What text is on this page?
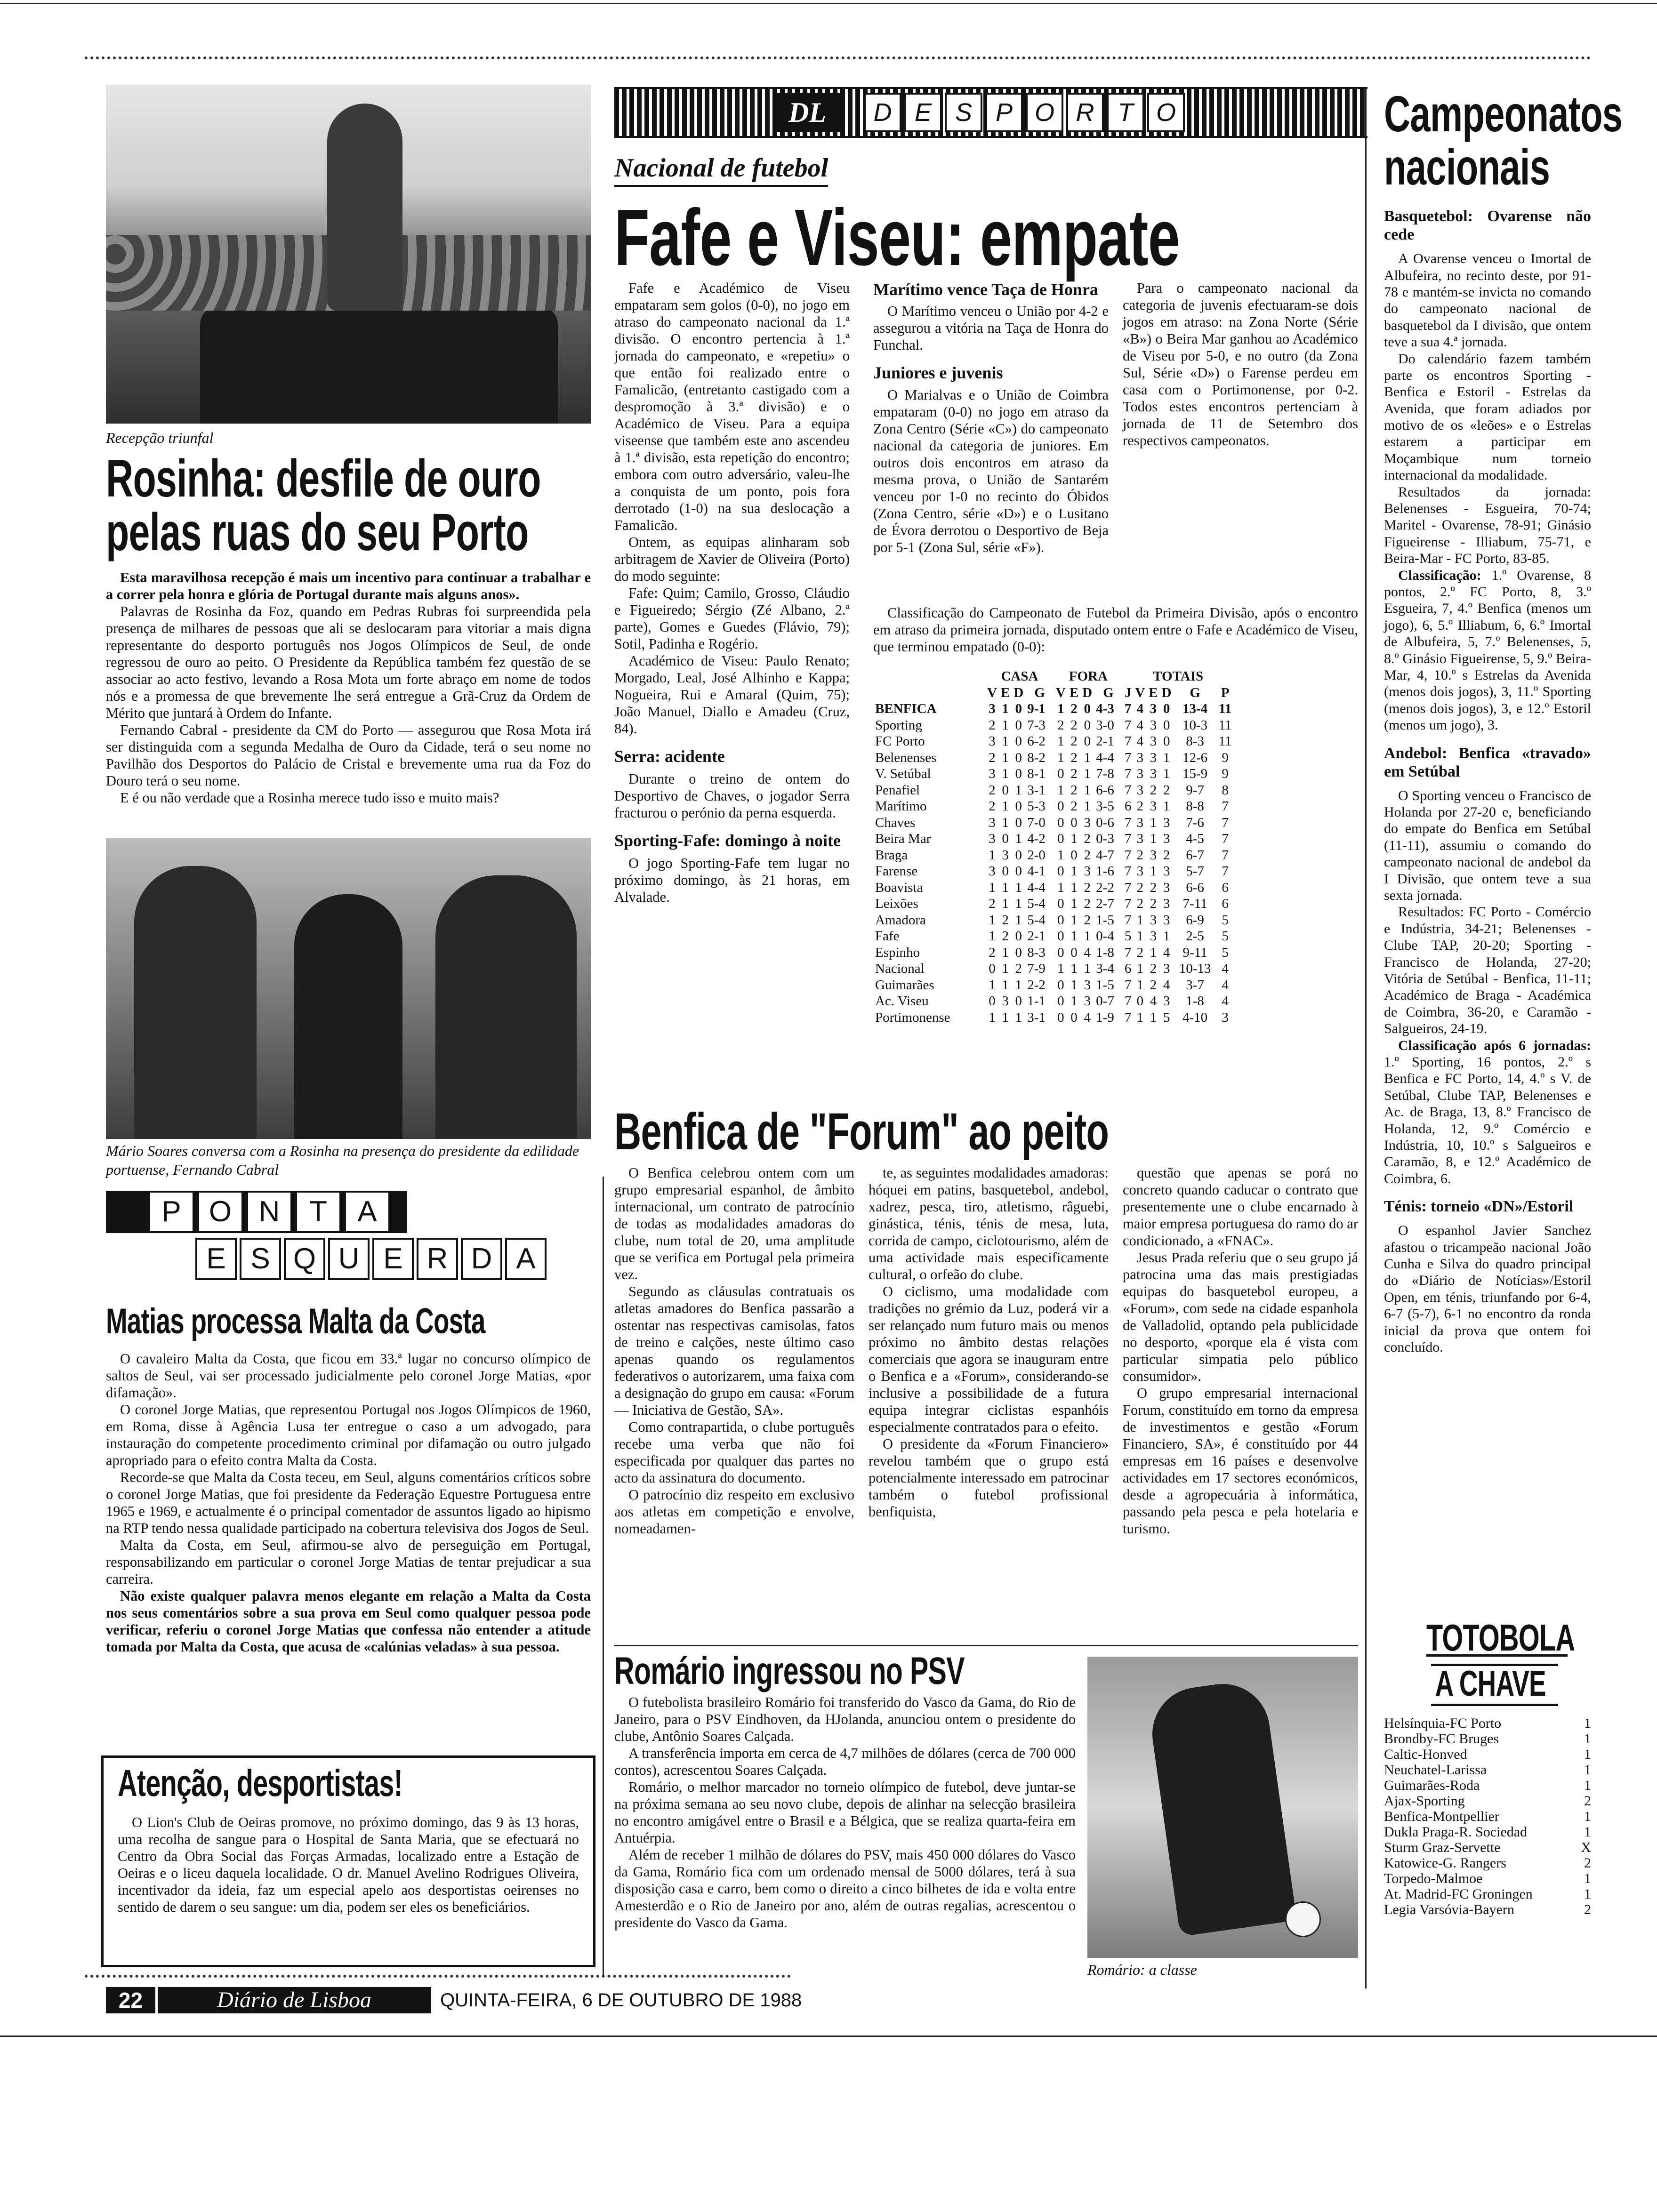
DL	D E S P O R T O
Recepção triunfal
Rosinha: desfile de ouro pelas ruas do seu Porto

Esta maravilhosa recepção é mais um incentivo para continuar a trabalhar e a correr pela honra e glória de Portugal durante mais alguns anos».

Palavras de Rosinha da Foz, quando em Pedras Rubras foi surpreendida pela presença de milhares de pessoas que ali se deslocaram para vitoriar a mais digna representante do desporto português nos Jogos Olímpicos de Seul, de onde regressou de ouro ao peito. O Presidente da República também fez questão de se associar ao acto festivo, levando a Rosa Mota um forte abraço em nome de todos nós e a promessa de que brevemente lhe será entregue a Grã-Cruz da Ordem de Mérito que juntará à Ordem do Infante.

Fernando Cabral - presidente da CM do Porto — assegurou que Rosa Mota irá ser distinguida com a segunda Medalha de Ouro da Cidade, terá o seu nome no Pavilhão dos Desportos do Palácio de Cristal e brevemente uma rua da Foz do Douro terá o seu nome.

E é ou não verdade que a Rosinha merece tudo isso e muito mais?

Mário Soares conversa com a Rosinha na presença do presidente da edilidade portuense, Fernando Cabral
P O N T A
E S Q U E R D A
Matias processa Malta da Costa

O cavaleiro Malta da Costa, que ficou em 33.ª lugar no concurso olímpico de saltos de Seul, vai ser processado judicialmente pelo coronel Jorge Matias, «por difamação».

O coronel Jorge Matias, que representou Portugal nos Jogos Olímpicos de 1960, em Roma, disse à Agência Lusa ter entregue o caso a um advogado, para instauração do competente procedimento criminal por difamação ou outro julgado apropriado para o efeito contra Malta da Costa.

Recorde-se que Malta da Costa teceu, em Seul, alguns comentários críticos sobre o coronel Jorge Matias, que foi presidente da Federação Equestre Portuguesa entre 1965 e 1969, e actualmente é o principal comentador de assuntos ligado ao hipismo na RTP tendo nessa qualidade participado na cobertura televisiva dos Jogos de Seul.

Malta da Costa, em Seul, afirmou-se alvo de perseguição em Portugal, responsabilizando em particular o coronel Jorge Matias de tentar prejudicar a sua carreira.

Não existe qualquer palavra menos elegante em relação a Malta da Costa nos seus comentários sobre a sua prova em Seul como qualquer pessoa pode verificar, referiu o coronel Jorge Matias que confessa não entender a atitude tomada por Malta da Costa, que acusa de «calúnias veladas» à sua pessoa.

Atenção, desportistas!

O Lion's Club de Oeiras promove, no próximo domingo, das 9 às 13 horas, uma recolha de sangue para o Hospital de Santa Maria, que se efectuará no Centro da Obra Social das Forças Armadas, localizado entre a Estação de Oeiras e o liceu daquela localidade. O dr. Manuel Avelino Rodrigues Oliveira, incentivador da ideia, faz um especial apelo aos desportistas oeirenses no sentido de darem o seu sangue: um dia, podem ser eles os beneficiários.

22	Diário de Lisboa	QUINTA-FEIRA, 6 DE OUTUBRO DE 1988
Nacional de futebol
Fafe e Viseu: empate

Fafe e Académico de Viseu empataram sem golos (0-0), no jogo em atraso do campeonato nacional da 1.ª divisão. O encontro pertencia à 1.ª jornada do campeonato, e «repetiu» o que então foi realizado entre o Famalicão, (entretanto castigado com a despromoção à 3.ª divisão) e o Académico de Viseu. Para a equipa viseense que também este ano ascendeu à 1.ª divisão, esta repetição do encontro; embora com outro adversário, valeu-lhe a conquista de um ponto, pois fora derrotado (1-0) na sua deslocação a Famalicão.

Ontem, as equipas alinharam sob arbitragem de Xavier de Oliveira (Porto) do modo seguinte:

Fafe: Quim; Camilo, Grosso, Cláudio e Figueiredo; Sérgio (Zé Albano, 2.ª parte), Gomes e Guedes (Flávio, 79); Sotil, Padinha e Rogério.

Académico de Viseu: Paulo Renato; Morgado, Leal, José Alhinho e Kappa; Nogueira, Rui e Amaral (Quim, 75); João Manuel, Diallo e Amadeu (Cruz, 84).

Serra: acidente

Durante o treino de ontem do Desportivo de Chaves, o jogador Serra fracturou o perónio da perna esquerda.

Sporting-Fafe: domingo à noite

O jogo Sporting-Fafe tem lugar no próximo domingo, às 21 horas, em Alvalade.

Marítimo vence Taça de Honra

O Marítimo venceu o União por 4-2 e assegurou a vitória na Taça de Honra do Funchal.

Juniores e juvenis

O Marialvas e o União de Coimbra empataram (0-0) no jogo em atraso da Zona Centro (Série «C») do campeonato nacional da categoria de juniores. Em outros dois encontros em atraso da mesma prova, o União de Santarém venceu por 1-0 no recinto do Óbidos (Zona Centro, série «D») e o Lusitano de Évora derrotou o Desportivo de Beja por 5-1 (Zona Sul, série «F»).

Para o campeonato nacional da categoria de juvenis efectuaram-se dois jogos em atraso: na Zona Norte (Série «B») o Beira Mar ganhou ao Académico de Viseu por 5-0, e no outro (da Zona Sul, Série «D») o Farense perdeu em casa com o Portimonense, por 0-2. Todos estes encontros pertenciam à jornada de 11 de Setembro dos respectivos campeonatos.

Classificação do Campeonato de Futebol da Primeira Divisão, após o encontro em atraso da primeira jornada, disputado ontem entre o Fafe e Académico de Viseu, que terminou empatado (0-0):

	CASA				FORA				TOTAIS					
	V	E	D	G	V	E	D	G	J	V	E	D	G	P
BENFICA	3	1	0	9-1	1	2	0	4-3	7	4	3	0	13-4	11
Sporting	2	1	0	7-3	2	2	0	3-0	7	4	3	0	10-3	11
FC Porto	3	1	0	6-2	1	2	0	2-1	7	4	3	0	8-3	11
Belenenses	2	1	0	8-2	1	2	1	4-4	7	3	3	1	12-6	9
V. Setúbal	3	1	0	8-1	0	2	1	7-8	7	3	3	1	15-9	9
Penafiel	2	0	1	3-1	1	2	1	6-6	7	3	2	2	9-7	8
Marítimo	2	1	0	5-3	0	2	1	3-5	6	2	3	1	8-8	7
Chaves	3	1	0	7-0	0	0	3	0-6	7	3	1	3	7-6	7
Beira Mar	3	0	1	4-2	0	1	2	0-3	7	3	1	3	4-5	7
Braga	1	3	0	2-0	1	0	2	4-7	7	2	3	2	6-7	7
Farense	3	0	0	4-1	0	1	3	1-6	7	3	1	3	5-7	7
Boavista	1	1	1	4-4	1	1	2	2-2	7	2	2	3	6-6	6
Leixões	2	1	1	5-4	0	1	2	2-7	7	2	2	3	7-11	6
Amadora	1	2	1	5-4	0	1	2	1-5	7	1	3	3	6-9	5
Fafe	1	2	0	2-1	0	1	1	0-4	5	1	3	1	2-5	5
Espinho	2	1	0	8-3	0	0	4	1-8	7	2	1	4	9-11	5
Nacional	0	1	2	7-9	1	1	1	3-4	6	1	2	3	10-13	4
Guimarães	1	1	1	2-2	0	1	3	1-5	7	1	2	4	3-7	4
Ac. Viseu	0	3	0	1-1	0	1	3	0-7	7	0	4	3	1-8	4
Portimonense	1	1	1	3-1	0	0	4	1-9	7	1	1	5	4-10	3
Benfica de "Forum" ao peito

O Benfica celebrou ontem com um grupo empresarial espanhol, de âmbito internacional, um contrato de patrocínio de todas as modalidades amadoras do clube, num total de 20, uma amplitude que se verifica em Portugal pela primeira vez.

Segundo as cláusulas contratuais os atletas amadores do Benfica passarão a ostentar nas respectivas camisolas, fatos de treino e calções, neste último caso apenas quando os regulamentos federativos o autorizarem, uma faixa com a designação do grupo em causa: «Forum — Iniciativa de Gestão, SA».

Como contrapartida, o clube português recebe uma verba que não foi especificada por qualquer das partes no acto da assinatura do documento.

O patrocínio diz respeito em exclusivo aos atletas em competição e envolve, nomeadamen-

te, as seguintes modalidades amadoras: hóquei em patins, basquetebol, andebol, xadrez, pesca, tiro, atletismo, râguebi, ginástica, ténis, ténis de mesa, luta, corrida de campo, ciclotourismo, além de uma actividade mais especificamente cultural, o orfeão do clube.

O ciclismo, uma modalidade com tradições no grémio da Luz, poderá vir a ser relançado num futuro mais ou menos próximo no âmbito destas relações comerciais que agora se inauguram entre o Benfica e a «Forum», considerando-se inclusive a possibilidade de a futura equipa integrar ciclistas espanhóis especialmente contratados para o efeito.

O presidente da «Forum Financiero» revelou também que o grupo está potencialmente interessado em patrocinar também o futebol profissional benfiquista,

questão que apenas se porá no concreto quando caducar o contrato que presentemente une o clube encarnado à maior empresa portuguesa do ramo do ar condicionado, a «FNAC».

Jesus Prada referiu que o seu grupo já patrocina uma das mais prestigiadas equipas do basquetebol europeu, a «Forum», com sede na cidade espanhola de Valladolid, optando pela publicidade no desporto, «porque ela é vista com particular simpatia pelo público consumidor».

O grupo empresarial internacional Forum, constituído em torno da empresa de investimentos e gestão «Forum Financiero, SA», é constituído por 44 empresas em 16 países e desenvolve actividades em 17 sectores económicos, desde a agropecuária à informática, passando pela pesca e pela hotelaria e turismo.

Romário ingressou no PSV

O futebolista brasileiro Romário foi transferido do Vasco da Gama, do Rio de Janeiro, para o PSV Eindhoven, da HJolanda, anunciou ontem o presidente do clube, Antônio Soares Calçada.

A transferência importa em cerca de 4,7 milhões de dólares (cerca de 700 000 contos), acrescentou Soares Calçada.

Romário, o melhor marcador no torneio olímpico de futebol, deve juntar-se na próxima semana ao seu novo clube, depois de alinhar na selecção brasileira no encontro amigável entre o Brasil e a Bélgica, que se realiza quarta-feira em Antuérpia.

Além de receber 1 milhão de dólares do PSV, mais 450 000 dólares do Vasco da Gama, Romário fica com um ordenado mensal de 5000 dólares, terá à sua disposição casa e carro, bem como o direito a cinco bilhetes de ida e volta entre Amesterdão e o Rio de Janeiro por ano, além de outras regalias, acrescentou o presidente do Vasco da Gama.

Romário: a classe
Campeonatos nacionais
Basquetebol: Ovarense não cede

A Ovarense venceu o Imortal de Albufeira, no recinto deste, por 91-78 e mantém-se invicta no comando do campeonato nacional de basquetebol da I divisão, que ontem teve a sua 4.ª jornada.

Do calendário fazem também parte os encontros Sporting - Benfica e Estoril - Estrelas da Avenida, que foram adiados por motivo de os «leões» e o Estrelas estarem a participar em Moçambique num torneio internacional da modalidade.

Resultados da jornada: Belenenses - Esgueira, 70-74; Maritel - Ovarense, 78-91; Ginásio Figueirense - Illiabum, 75-71, e Beira-Mar - FC Porto, 83-85.

Classificação: 1.º Ovarense, 8 pontos, 2.º FC Porto, 8, 3.º Esgueira, 7, 4.º Benfica (menos um jogo), 6, 5.º Illiabum, 6, 6.º Imortal de Albufeira, 5, 7.º Belenenses, 5, 8.º Ginásio Figueirense, 5, 9.º Beira-Mar, 4, 10.º s Estrelas da Avenida (menos dois jogos), 3, 11.º Sporting (menos dois jogos), 3, e 12.º Estoril (menos um jogo), 3.

Andebol: Benfica «travado» em Setúbal

O Sporting venceu o Francisco de Holanda por 27-20 e, beneficiando do empate do Benfica em Setúbal (11-11), assumiu o comando do campeonato nacional de andebol da I Divisão, que ontem teve a sua sexta jornada.

Resultados: FC Porto - Comércio e Indústria, 34-21; Belenenses - Clube TAP, 20-20; Sporting - Francisco de Holanda, 27-20; Vitória de Setúbal - Benfica, 11-11; Académico de Braga - Académica de Coimbra, 36-20, e Caramão - Salgueiros, 24-19.

Classificação após 6 jornadas: 1.º Sporting, 16 pontos, 2.º s Benfica e FC Porto, 14, 4.º s V. de Setúbal, Clube TAP, Belenenses e Ac. de Braga, 13, 8.º Francisco de Holanda, 12, 9.º Comércio e Indústria, 10, 10.º s Salgueiros e Caramão, 8, e 12.º Académico de Coimbra, 6.

Ténis: torneio «DN»/Estoril

O espanhol Javier Sanchez afastou o tricampeão nacional João Cunha e Silva do quadro principal do «Diário de Notícias»/Estoril Open, em ténis, triunfando por 6-4, 6-7 (5-7), 6-1 no encontro da ronda inicial da prova que ontem foi concluído.

TOTOBOLA
A CHAVE
Helsínquia-FC Porto	1
Brondby-FC Bruges	1
Caltic-Honved	1
Neuchatel-Larissa	1
Guimarães-Roda	1
Ajax-Sporting	2
Benfica-Montpellier	1
Dukla Praga-R. Sociedad	1
Sturm Graz-Servette	X
Katowice-G. Rangers	2
Torpedo-Malmoe	1
At. Madrid-FC Groningen	1
Legia Varsóvia-Bayern	2
